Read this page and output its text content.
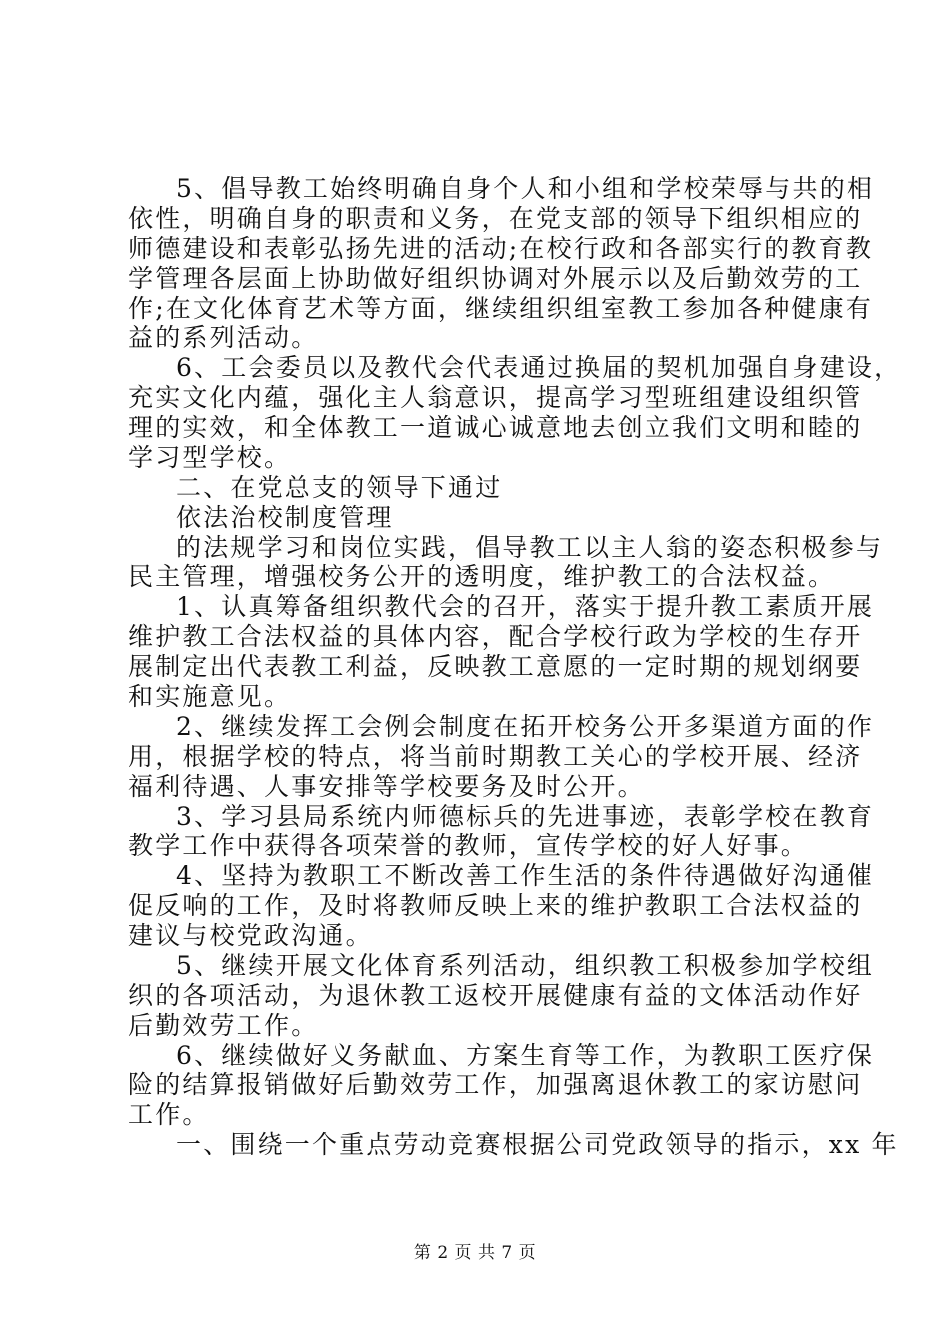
5、倡导教工始终明确自身个人和小组和学校荣辱与共的相
依性，明确自身的职责和义务，在党支部的领导下组织相应的
师德建设和表彰弘扬先进的活动;在校行政和各部实行的教育教
学管理各层面上协助做好组织协调对外展示以及后勤效劳的工
作;在文化体育艺术等方面，继续组织组室教工参加各种健康有
益的系列活动。
6、工会委员以及教代会代表通过换届的契机加强自身建设，
充实文化内蕴，强化主人翁意识，提高学习型班组建设组织管
理的实效，和全体教工一道诚心诚意地去创立我们文明和睦的
学习型学校。
二、在党总支的领导下通过
依法治校制度管理
的法规学习和岗位实践，倡导教工以主人翁的姿态积极参与
民主管理，增强校务公开的透明度，维护教工的合法权益。
1、认真筹备组织教代会的召开，落实于提升教工素质开展
维护教工合法权益的具体内容，配合学校行政为学校的生存开
展制定出代表教工利益，反映教工意愿的一定时期的规划纲要
和实施意见。
2、继续发挥工会例会制度在拓开校务公开多渠道方面的作
用，根据学校的特点，将当前时期教工关心的学校开展、经济
福利待遇、人事安排等学校要务及时公开。
3、学习县局系统内师德标兵的先进事迹，表彰学校在教育
教学工作中获得各项荣誉的教师，宣传学校的好人好事。
4、坚持为教职工不断改善工作生活的条件待遇做好沟通催
促反响的工作，及时将教师反映上来的维护教职工合法权益的
建议与校党政沟通。
5、继续开展文化体育系列活动，组织教工积极参加学校组
织的各项活动，为退休教工返校开展健康有益的文体活动作好
后勤效劳工作。
6、继续做好义务献血、方案生育等工作，为教职工医疗保
险的结算报销做好后勤效劳工作，加强离退休教工的家访慰问
工作。
一、围绕一个重点劳动竞赛根据公司党政领导的指示，xx 年
第 2 页 共 7 页
